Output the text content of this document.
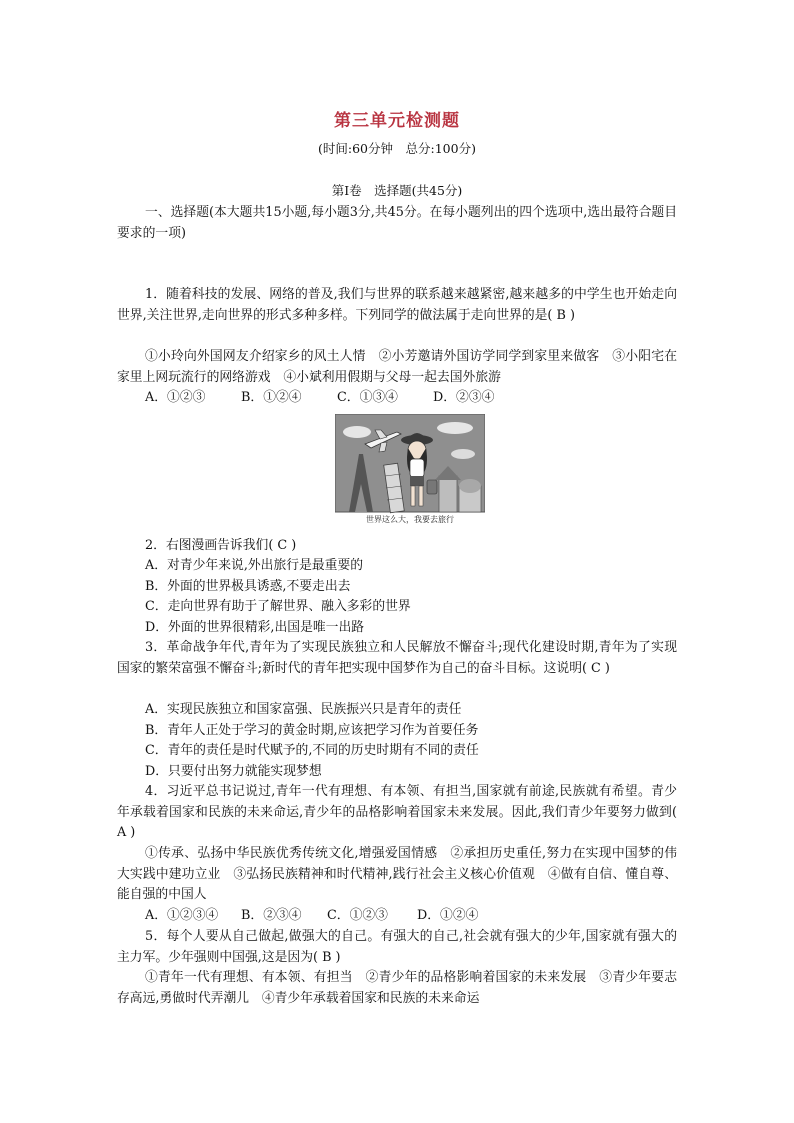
第三单元检测题
(时间:60分钟　总分:100分)
第Ⅰ卷　选择题(共45分)

一、选择题(本大题共15小题,每小题3分,共45分。在每小题列出的四个选项中,选出最符合题目要求的一项)

1．随着科技的发展、网络的普及,我们与世界的联系越来越紧密,越来越多的中学生也开始走向世界,关注世界,走向世界的形式多种多样。下列同学的做法属于走向世界的是( B )

①小玲向外国网友介绍家乡的风土人情　②小芳邀请外国访学同学到家里来做客　③小阳宅在家里上网玩流行的网络游戏　④小斌利用假期与父母一起去国外旅游

A．①②③	B．①②④	C．①③④	D．②③④
世界这么大，我要去旅行

2．右图漫画告诉我们( C )

A．对青少年来说,外出旅行是最重要的

B．外面的世界极具诱惑,不要走出去

C．走向世界有助于了解世界、融入多彩的世界

D．外面的世界很精彩,出国是唯一出路

3．革命战争年代,青年为了实现民族独立和人民解放不懈奋斗;现代化建设时期,青年为了实现国家的繁荣富强不懈奋斗;新时代的青年把实现中国梦作为自己的奋斗目标。这说明( C )

A．实现民族独立和国家富强、民族振兴只是青年的责任

B．青年人正处于学习的黄金时期,应该把学习作为首要任务

C．青年的责任是时代赋予的,不同的历史时期有不同的责任

D．只要付出努力就能实现梦想

4．习近平总书记说过,青年一代有理想、有本领、有担当,国家就有前途,民族就有希望。青少年承载着国家和民族的未来命运,青少年的品格影响着国家未来发展。因此,我们青少年要努力做到( A )

①传承、弘扬中华民族优秀传统文化,增强爱国情感　②承担历史重任,努力在实现中国梦的伟大实践中建功立业　③弘扬民族精神和时代精神,践行社会主义核心价值观　④做有自信、懂自尊、能自强的中国人

A．①②③④	B．②③④	C．①②③	D．①②④

5．每个人要从自己做起,做强大的自己。有强大的自己,社会就有强大的少年,国家就有强大的主力军。少年强则中国强,这是因为( B )

①青年一代有理想、有本领、有担当　②青少年的品格影响着国家的未来发展　③青少年要志存高远,勇做时代弄潮儿　④青少年承载着国家和民族的未来命运
